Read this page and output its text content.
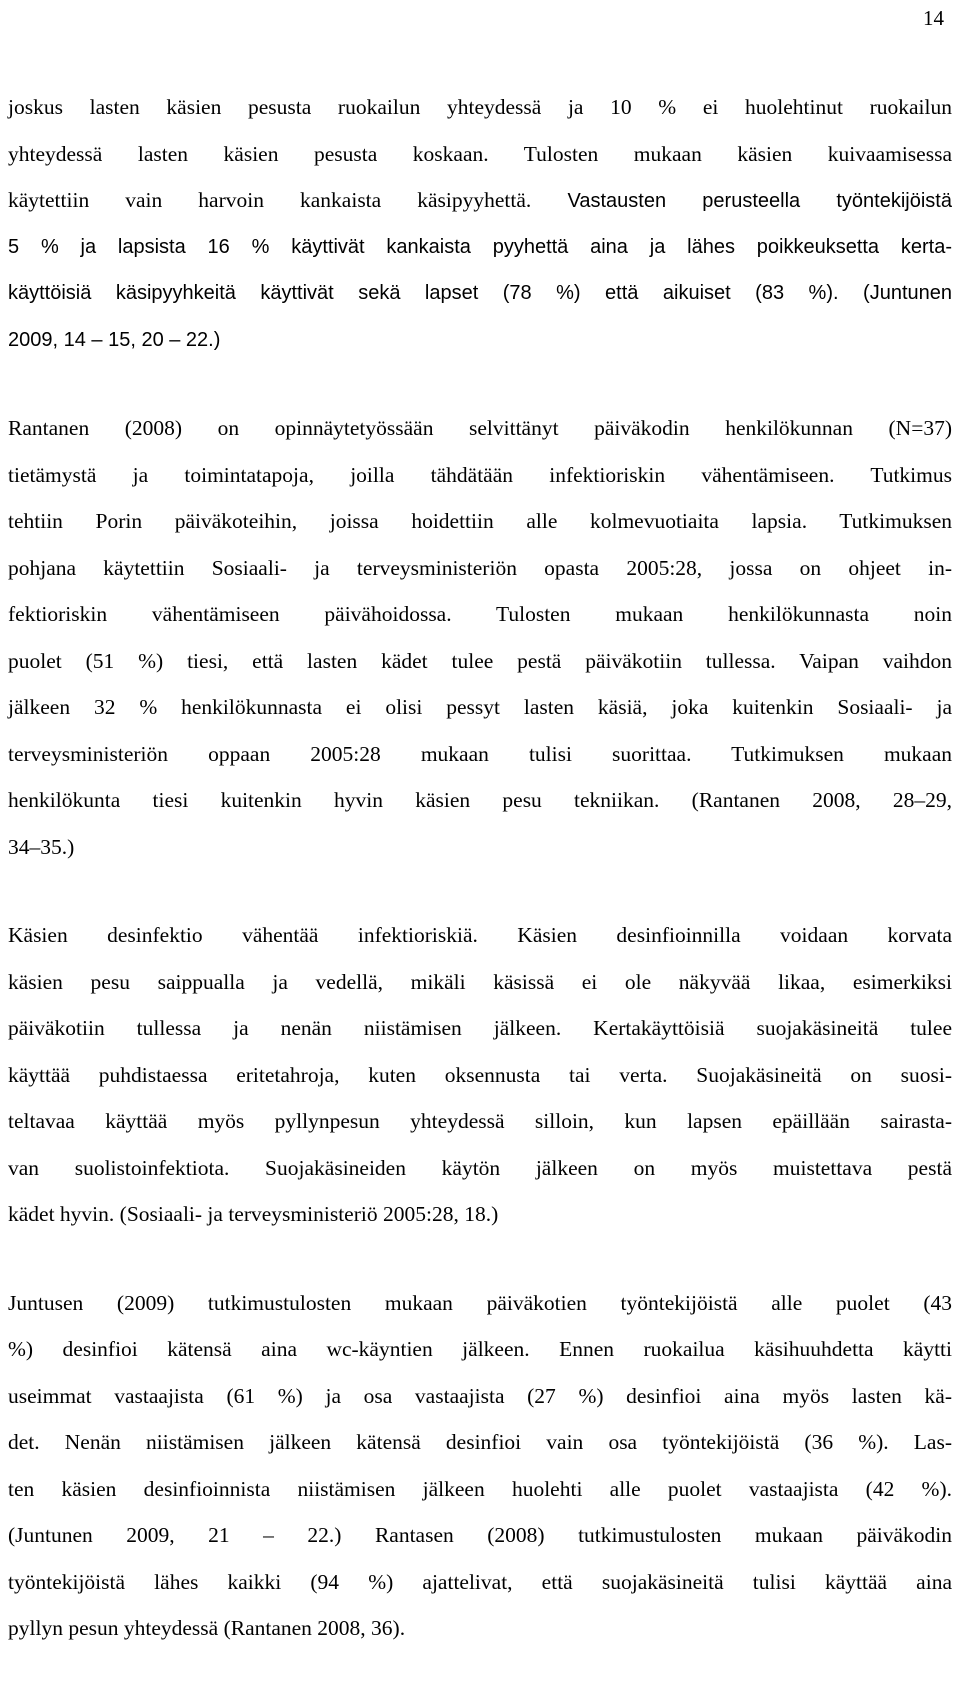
14
joskus lasten käsien pesusta ruokailun yhteydessä ja 10 % ei huolehtinut ruokailun
yhteydessä lasten käsien pesusta koskaan. Tulosten mukaan käsien kuivaamisessa
käytettiin vain harvoin kankaista käsipyyhettä. Vastausten perusteella työntekijöistä
5 % ja lapsista 16 % käyttivät kankaista pyyhettä aina ja lähes poikkeuksetta kerta-
käyttöisiä käsipyyhkeitä käyttivät sekä lapset (78 %) että aikuiset (83 %). (Juntunen
2009, 14 – 15, 20 – 22.)
Rantanen (2008) on opinnäytetyössään selvittänyt päiväkodin henkilökunnan (N=37)
tietämystä ja toimintatapoja, joilla tähdätään infektioriskin vähentämiseen. Tutkimus
tehtiin Porin päiväkoteihin, joissa hoidettiin alle kolmevuotiaita lapsia. Tutkimuksen
pohjana käytettiin Sosiaali- ja terveysministeriön opasta 2005:28, jossa on ohjeet in-
fektioriskin vähentämiseen päivähoidossa. Tulosten mukaan henkilökunnasta noin
puolet (51 %) tiesi, että lasten kädet tulee pestä päiväkotiin tullessa. Vaipan vaihdon
jälkeen 32 % henkilökunnasta ei olisi pessyt lasten käsiä, joka kuitenkin Sosiaali- ja
terveysministeriön oppaan 2005:28 mukaan tulisi suorittaa. Tutkimuksen mukaan
henkilökunta tiesi kuitenkin hyvin käsien pesu tekniikan. (Rantanen 2008, 28–29,
34–35.)
Käsien desinfektio vähentää infektioriskiä. Käsien desinfioinnilla voidaan korvata
käsien pesu saippualla ja vedellä, mikäli käsissä ei ole näkyvää likaa, esimerkiksi
päiväkotiin tullessa ja nenän niistämisen jälkeen. Kertakäyttöisiä suojakäsineitä tulee
käyttää puhdistaessa eritetahroja, kuten oksennusta tai verta. Suojakäsineitä on suosi-
teltavaa käyttää myös pyllynpesun yhteydessä silloin, kun lapsen epäillään sairasta-
van suolistoinfektiota. Suojakäsineiden käytön jälkeen on myös muistettava pestä
kädet hyvin. (Sosiaali- ja terveysministeriö 2005:28, 18.)
Juntusen (2009) tutkimustulosten mukaan päiväkotien työntekijöistä alle puolet (43
%) desinfioi kätensä aina wc-käyntien jälkeen. Ennen ruokailua käsihuuhdetta käytti
useimmat vastaajista (61 %) ja osa vastaajista (27 %) desinfioi aina myös lasten kä-
det. Nenän niistämisen jälkeen kätensä desinfioi vain osa työntekijöistä (36 %). Las-
ten käsien desinfioinnista niistämisen jälkeen huolehti alle puolet vastaajista (42 %).
(Juntunen 2009, 21 – 22.) Rantasen (2008) tutkimustulosten mukaan päiväkodin
työntekijöistä lähes kaikki (94 %) ajattelivat, että suojakäsineitä tulisi käyttää aina
pyllyn pesun yhteydessä (Rantanen 2008, 36).
